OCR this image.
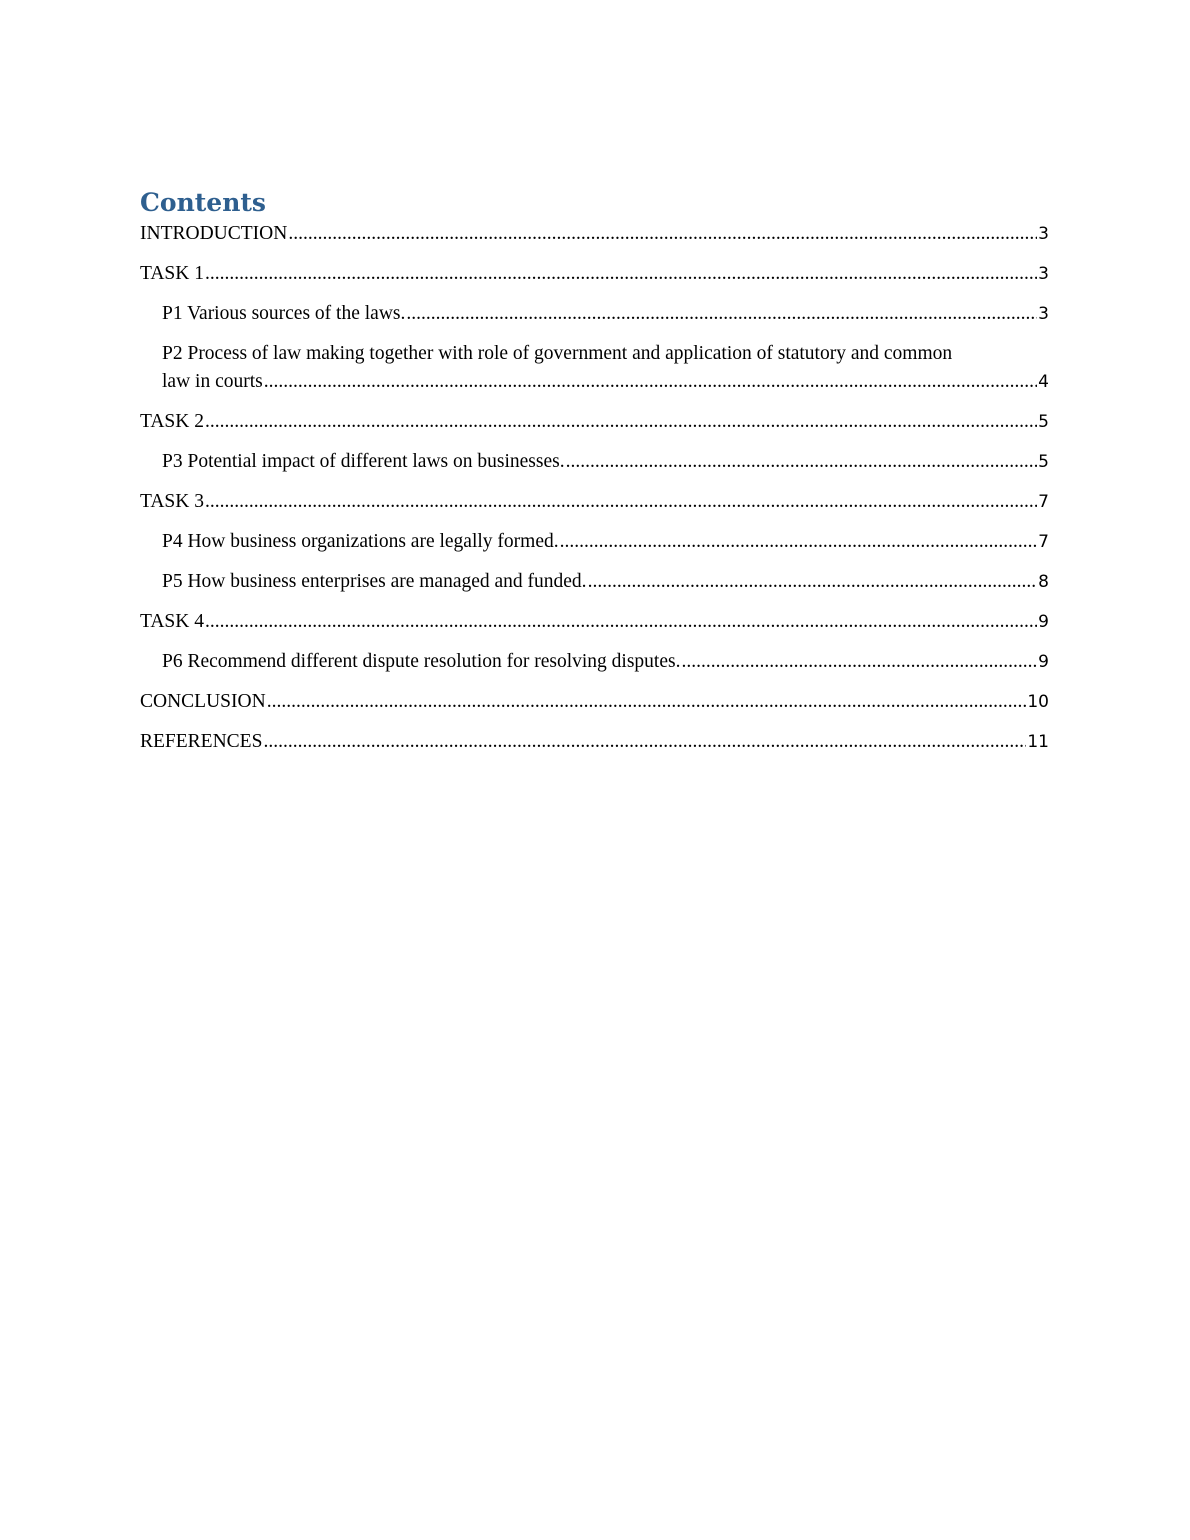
Contents
INTRODUCTION .....	3
TASK 1 .....	3
P1 Various sources of the laws. .....	3
P2 Process of law making together with role of government and application of statutory and common
law in courts .....	4
TASK 2 .....	5
P3 Potential impact of different laws on businesses. .....	5
TASK 3 .....	7
P4 How business organizations are legally formed. .....	7
P5 How business enterprises are managed and funded. .....	8
TASK 4 .....	9
P6 Recommend different dispute resolution for resolving disputes. .....	9
CONCLUSION .....	10
REFERENCES .....	11
